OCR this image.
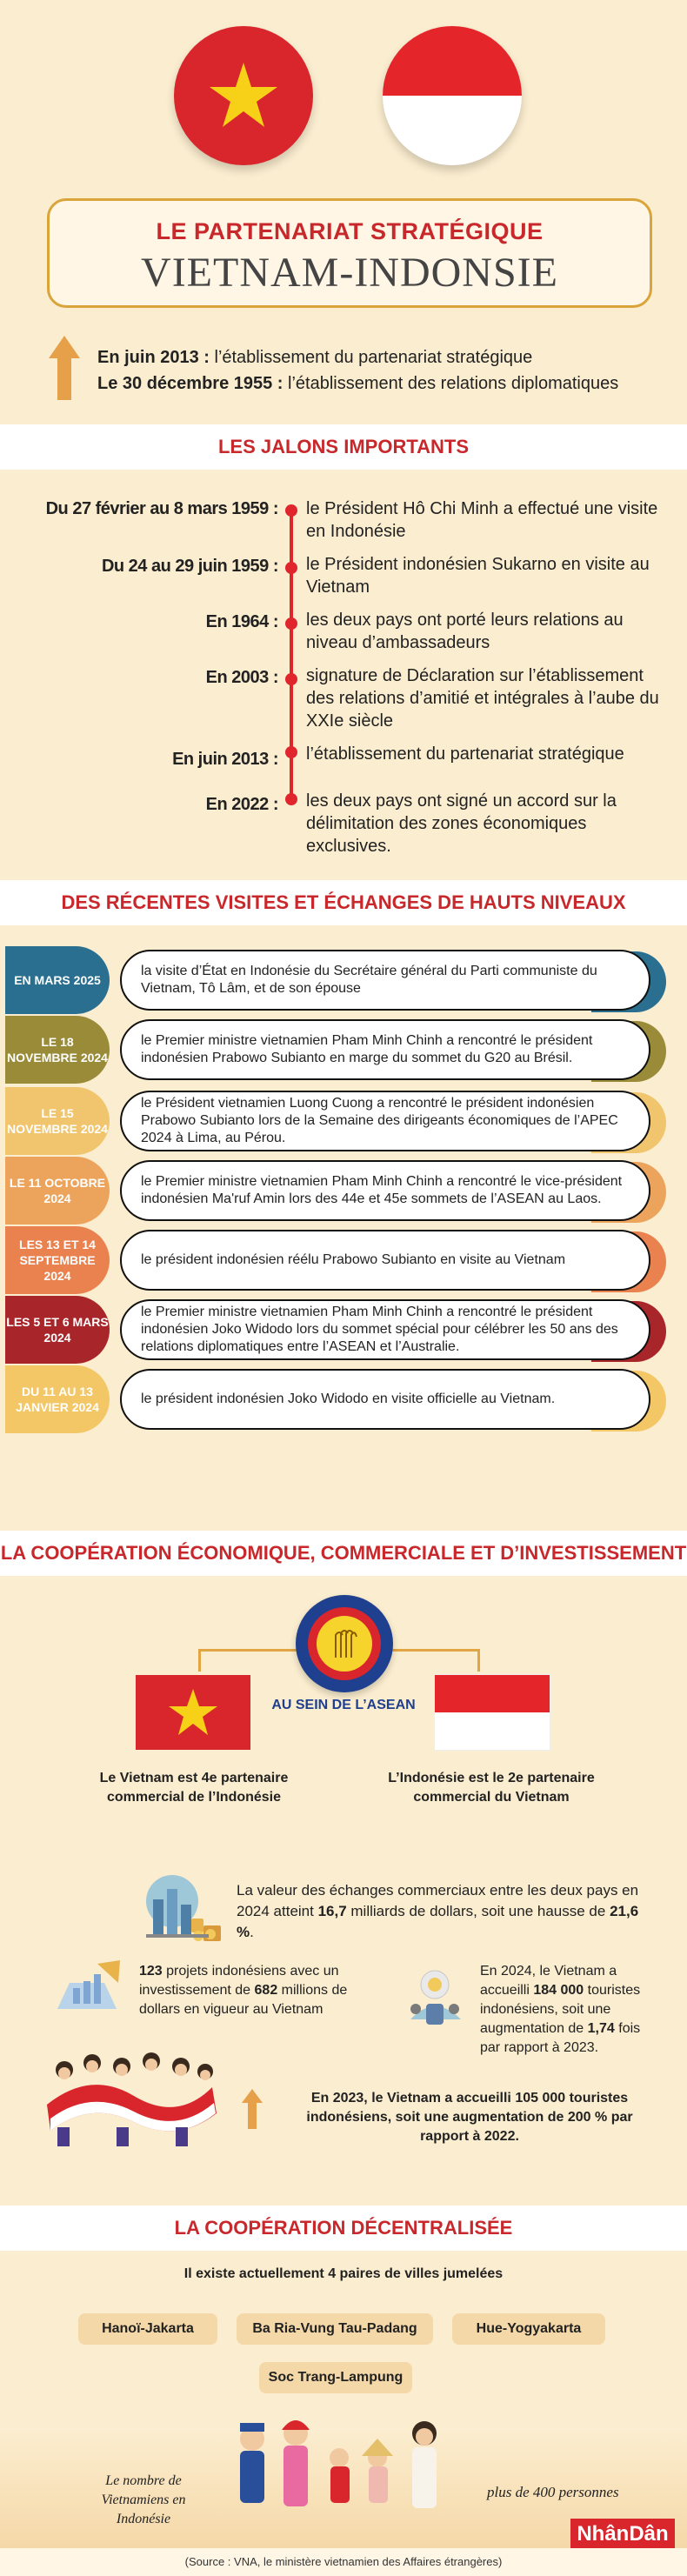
LE PARTENARIAT STRATÉGIQUE
VIETNAM-INDONSIE
En juin 2013 : l’établissement du partenariat stratégique
Le 30 décembre 1955 : l’établissement des relations diplomatiques
LES JALONS IMPORTANTS
Du 27 février au 8 mars 1959 : le Président Hô Chi Minh a effectué une visite en Indonésie
Du 24 au 29 juin 1959 : le Président indonésien Sukarno en visite au Vietnam
En 1964 : les deux pays ont porté leurs relations au niveau d’ambassadeurs
En 2003 : signature de Déclaration sur l’établissement des relations d’amitié et intégrales à l’aube du XXIe siècle
En juin 2013 : l’établissement du partenariat stratégique
En 2022 : les deux pays ont signé un accord sur la délimitation des zones économiques exclusives.
DES RÉCENTES VISITES ET ÉCHANGES DE HAUTS NIVEAUX
EN MARS 2025
la visite d’État en Indonésie du Secrétaire général du Parti communiste du Vietnam, Tô Lâm, et de son épouse
LE 18 NOVEMBRE 2024
le Premier ministre vietnamien Pham Minh Chinh a rencontré le président indonésien Prabowo Subianto en marge du sommet du G20 au Brésil.
LE 15 NOVEMBRE 2024
le Président vietnamien Luong Cuong a rencontré le président indonésien Prabowo Subianto lors de la Semaine des dirigeants économiques de l’APEC 2024 à Lima, au Pérou.
LE 11 OCTOBRE 2024
le Premier ministre vietnamien Pham Minh Chinh a rencontré le vice-président indonésien Ma'ruf Amin lors des 44e et 45e sommets de l’ASEAN au Laos.
LES 13 ET 14 SEPTEMBRE 2024
le président indonésien réélu Prabowo Subianto en visite au Vietnam
LES 5 ET 6 MARS 2024
le Premier ministre vietnamien Pham Minh Chinh a rencontré le président indonésien Joko Widodo lors du sommet spécial pour célébrer les 50 ans des relations diplomatiques entre l’ASEAN et l’Australie.
DU 11 AU 13 JANVIER 2024
le président indonésien Joko Widodo en visite officielle au Vietnam.
LA COOPÉRATION ÉCONOMIQUE, COMMERCIALE ET D’INVESTISSEMENT
AU SEIN DE L’ASEAN
Le Vietnam est 4e partenaire commercial de l’Indonésie
L’Indonésie est le 2e partenaire commercial du Vietnam
La valeur des échanges commerciaux entre les deux pays en 2024 atteint 16,7 milliards de dollars, soit une hausse de 21,6 %.
123 projets indonésiens avec un investissement de 682 millions de dollars en vigueur au Vietnam
En 2024, le Vietnam a accueilli 184 000 touristes indonésiens, soit une augmentation de 1,74 fois par rapport à 2023.
En 2023, le Vietnam a accueilli 105 000 touristes indonésiens, soit une augmentation de 200 % par rapport à 2022.
LA COOPÉRATION DÉCENTRALISÉE
Il existe actuellement 4 paires de villes jumelées
Hanoï-Jakarta	Ba Ria-Vung Tau-Padang	Hue-Yogyakarta
Soc Trang-Lampung
Le nombre de Vietnamiens en Indonésie
plus de 400 personnes
NhânDân
(Source : VNA, le ministère vietnamien des Affaires étrangères)
